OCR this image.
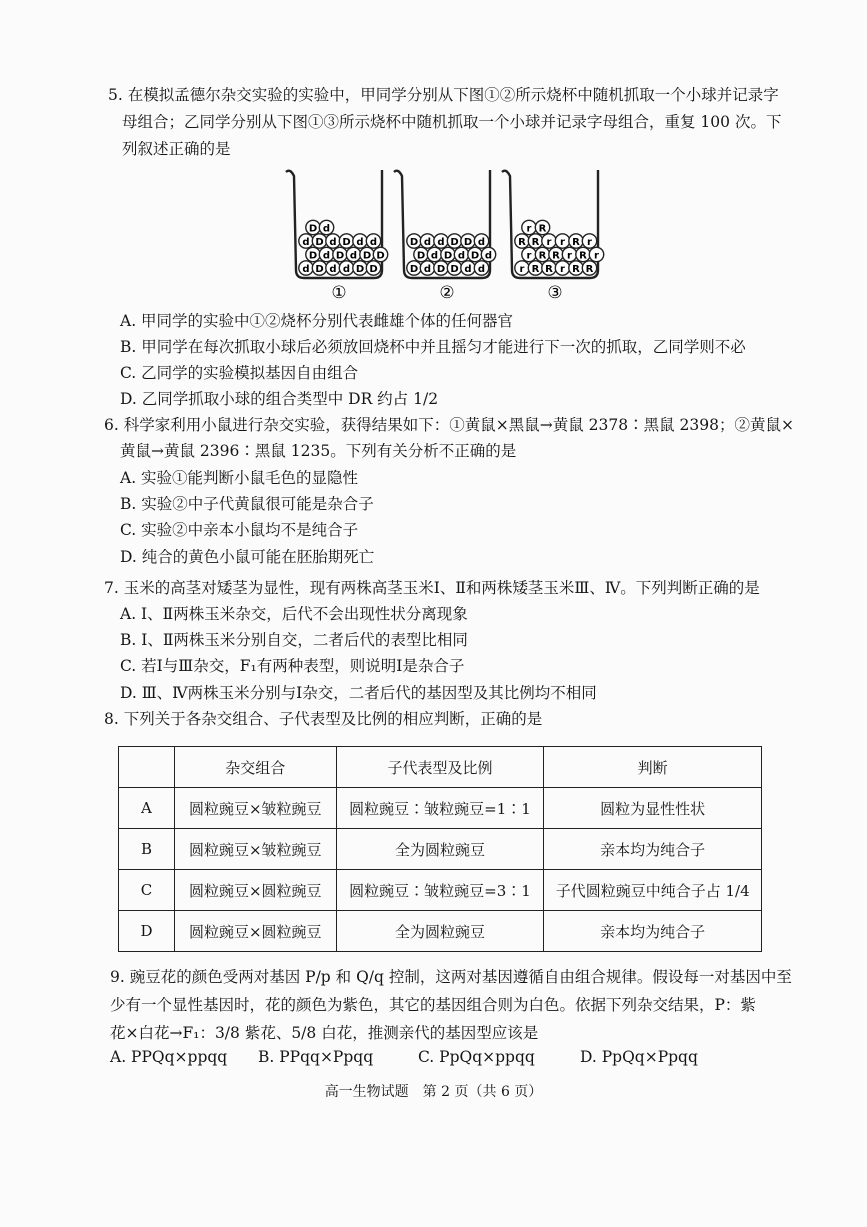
5. 在模拟孟德尔杂交实验的实验中，甲同学分别从下图①②所示烧杯中随机抓取一个小球并记录字
母组合；乙同学分别从下图①③所示烧杯中随机抓取一个小球并记录字母组合，重复 100 次。下
列叙述正确的是
d D d d D D
D d D d D D
d D d D d d
D d
D d D D d d
D d D d D d
D d d D D d
r R R r R R
r R R r R r
R R r r R r
r R
①	②	③
A. 甲同学的实验中①②烧杯分别代表雌雄个体的任何器官
B. 甲同学在每次抓取小球后必须放回烧杯中并且摇匀才能进行下一次的抓取，乙同学则不必
C. 乙同学的实验模拟基因自由组合
D. 乙同学抓取小球的组合类型中 DR 约占 1/2
6. 科学家利用小鼠进行杂交实验，获得结果如下：①黄鼠×黑鼠→黄鼠 2378∶黑鼠 2398；②黄鼠×
黄鼠→黄鼠 2396∶黑鼠 1235。下列有关分析不正确的是
A. 实验①能判断小鼠毛色的显隐性
B. 实验②中子代黄鼠很可能是杂合子
C. 实验②中亲本小鼠均不是纯合子
D. 纯合的黄色小鼠可能在胚胎期死亡
7. 玉米的高茎对矮茎为显性，现有两株高茎玉米Ⅰ、Ⅱ和两株矮茎玉米Ⅲ、Ⅳ。下列判断正确的是
A. Ⅰ、Ⅱ两株玉米杂交，后代不会出现性状分离现象
B. Ⅰ、Ⅱ两株玉米分别自交，二者后代的表型比相同
C. 若Ⅰ与Ⅲ杂交，F₁有两种表型，则说明Ⅰ是杂合子
D. Ⅲ、Ⅳ两株玉米分别与Ⅰ杂交，二者后代的基因型及其比例均不相同
8. 下列关于各杂交组合、子代表型及比例的相应判断，正确的是
	杂交组合	子代表型及比例	判断
A	圆粒豌豆×皱粒豌豆	圆粒豌豆∶皱粒豌豆=1∶1	圆粒为显性性状
B	圆粒豌豆×皱粒豌豆	全为圆粒豌豆	亲本均为纯合子
C	圆粒豌豆×圆粒豌豆	圆粒豌豆∶皱粒豌豆=3∶1	子代圆粒豌豆中纯合子占 1/4
D	圆粒豌豆×圆粒豌豆	全为圆粒豌豆	亲本均为纯合子
9. 豌豆花的颜色受两对基因 P/p 和 Q/q 控制，这两对基因遵循自由组合规律。假设每一对基因中至
少有一个显性基因时，花的颜色为紫色，其它的基因组合则为白色。依据下列杂交结果，P：紫
花×白花→F₁：3/8 紫花、5/8 白花，推测亲代的基因型应该是
A. PPQq×ppqq B. PPqq×Ppqq	C. PpQq×ppqq	D. PpQq×Ppqq
高一生物试题　第 2 页（共 6 页）
